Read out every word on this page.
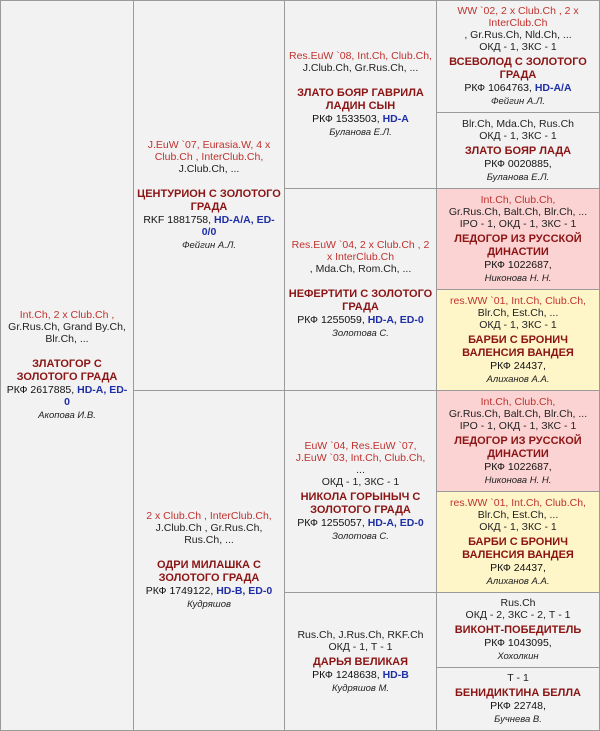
Int.Ch, 2 x Club.Ch ,

Gr.Rus.Ch, Grand By.Ch, Blr.Ch, ...

ЗЛАТОГОР С ЗОЛОТОГО ГРАДА

РКФ 2617885, HD-A, ED-0

Акопова И.В.

J.EuW `07, Eurasia.W, 4 x Club.Ch , InterClub.Ch,

J.Club.Ch, ...

ЦЕНТУРИОН С ЗОЛОТОГО ГРАДА

RKF 1881758, HD-A/A, ED-0/0

Фейгин А.Л.

2 x Club.Ch , InterClub.Ch,

J.Club.Ch , Gr.Rus.Ch, Rus.Ch, ...

ОДРИ МИЛАШКА С ЗОЛОТОГО ГРАДА

РКФ 1749122, HD-B, ED-0

Кудряшов

Res.EuW `08, Int.Ch, Club.Ch,

J.Club.Ch, Gr.Rus.Ch, ...

ЗЛАТО БОЯР ГАВРИЛА ЛАДИН СЫН

РКФ 1533503, HD-A

Буланова Е.Л.

Res.EuW `04, 2 x Club.Ch , 2 x InterClub.Ch

, Mda.Ch, Rom.Ch, ...

НЕФЕРТИТИ С ЗОЛОТОГО ГРАДА

РКФ 1255059, HD-A, ED-0

Золотова С.

EuW `04, Res.EuW `07, J.EuW `03, Int.Ch, Club.Ch,

...

ОКД - 1, ЗКС - 1

НИКОЛА ГОРЫНЫЧ С ЗОЛОТОГО ГРАДА

РКФ 1255057, HD-A, ED-0

Золотова С.

Rus.Ch, J.Rus.Ch, RKF.Ch

ОКД - 1, Т - 1

ДАРЬЯ ВЕЛИКАЯ

РКФ 1248638, HD-B

Кудряшов М.

WW `02, 2 x Club.Ch , 2 x InterClub.Ch

, Gr.Rus.Ch, Nld.Ch, ...

ОКД - 1, ЗКС - 1

ВСЕВОЛОД С ЗОЛОТОГО ГРАДА

РКФ 1064763, HD-A/A

Фейгин А.Л.

Blr.Ch, Mda.Ch, Rus.Ch

ОКД - 1, ЗКС - 1

ЗЛАТО БОЯР ЛАДА

РКФ 0020885,

Буланова Е.Л.

Int.Ch, Club.Ch,

Gr.Rus.Ch, Balt.Ch, Blr.Ch, ...

IPO - 1, ОКД - 1, ЗКС - 1

ЛЕДОГОР ИЗ РУССКОЙ ДИНАСТИИ

РКФ 1022687,

Никонова Н. Н.

res.WW `01, Int.Ch, Club.Ch,

Blr.Ch, Est.Ch, ...

ОКД - 1, ЗКС - 1

БАРБИ С БРОНИЧ ВАЛЕНСИЯ ВАНДЕЯ

РКФ 24437,

Алиханов А.А.

Int.Ch, Club.Ch,

Gr.Rus.Ch, Balt.Ch, Blr.Ch, ...

IPO - 1, ОКД - 1, ЗКС - 1

ЛЕДОГОР ИЗ РУССКОЙ ДИНАСТИИ

РКФ 1022687,

Никонова Н. Н.

res.WW `01, Int.Ch, Club.Ch,

Blr.Ch, Est.Ch, ...

ОКД - 1, ЗКС - 1

БАРБИ С БРОНИЧ ВАЛЕНСИЯ ВАНДЕЯ

РКФ 24437,

Алиханов А.А.

Rus.Ch

ОКД - 2, ЗКС - 2, Т - 1

ВИКОНТ-ПОБЕДИТЕЛЬ

РКФ 1043095,

Хохолкин

Т - 1

БЕНИДИКТИНА БЕЛЛА

РКФ 22748,

Бучнева В.
